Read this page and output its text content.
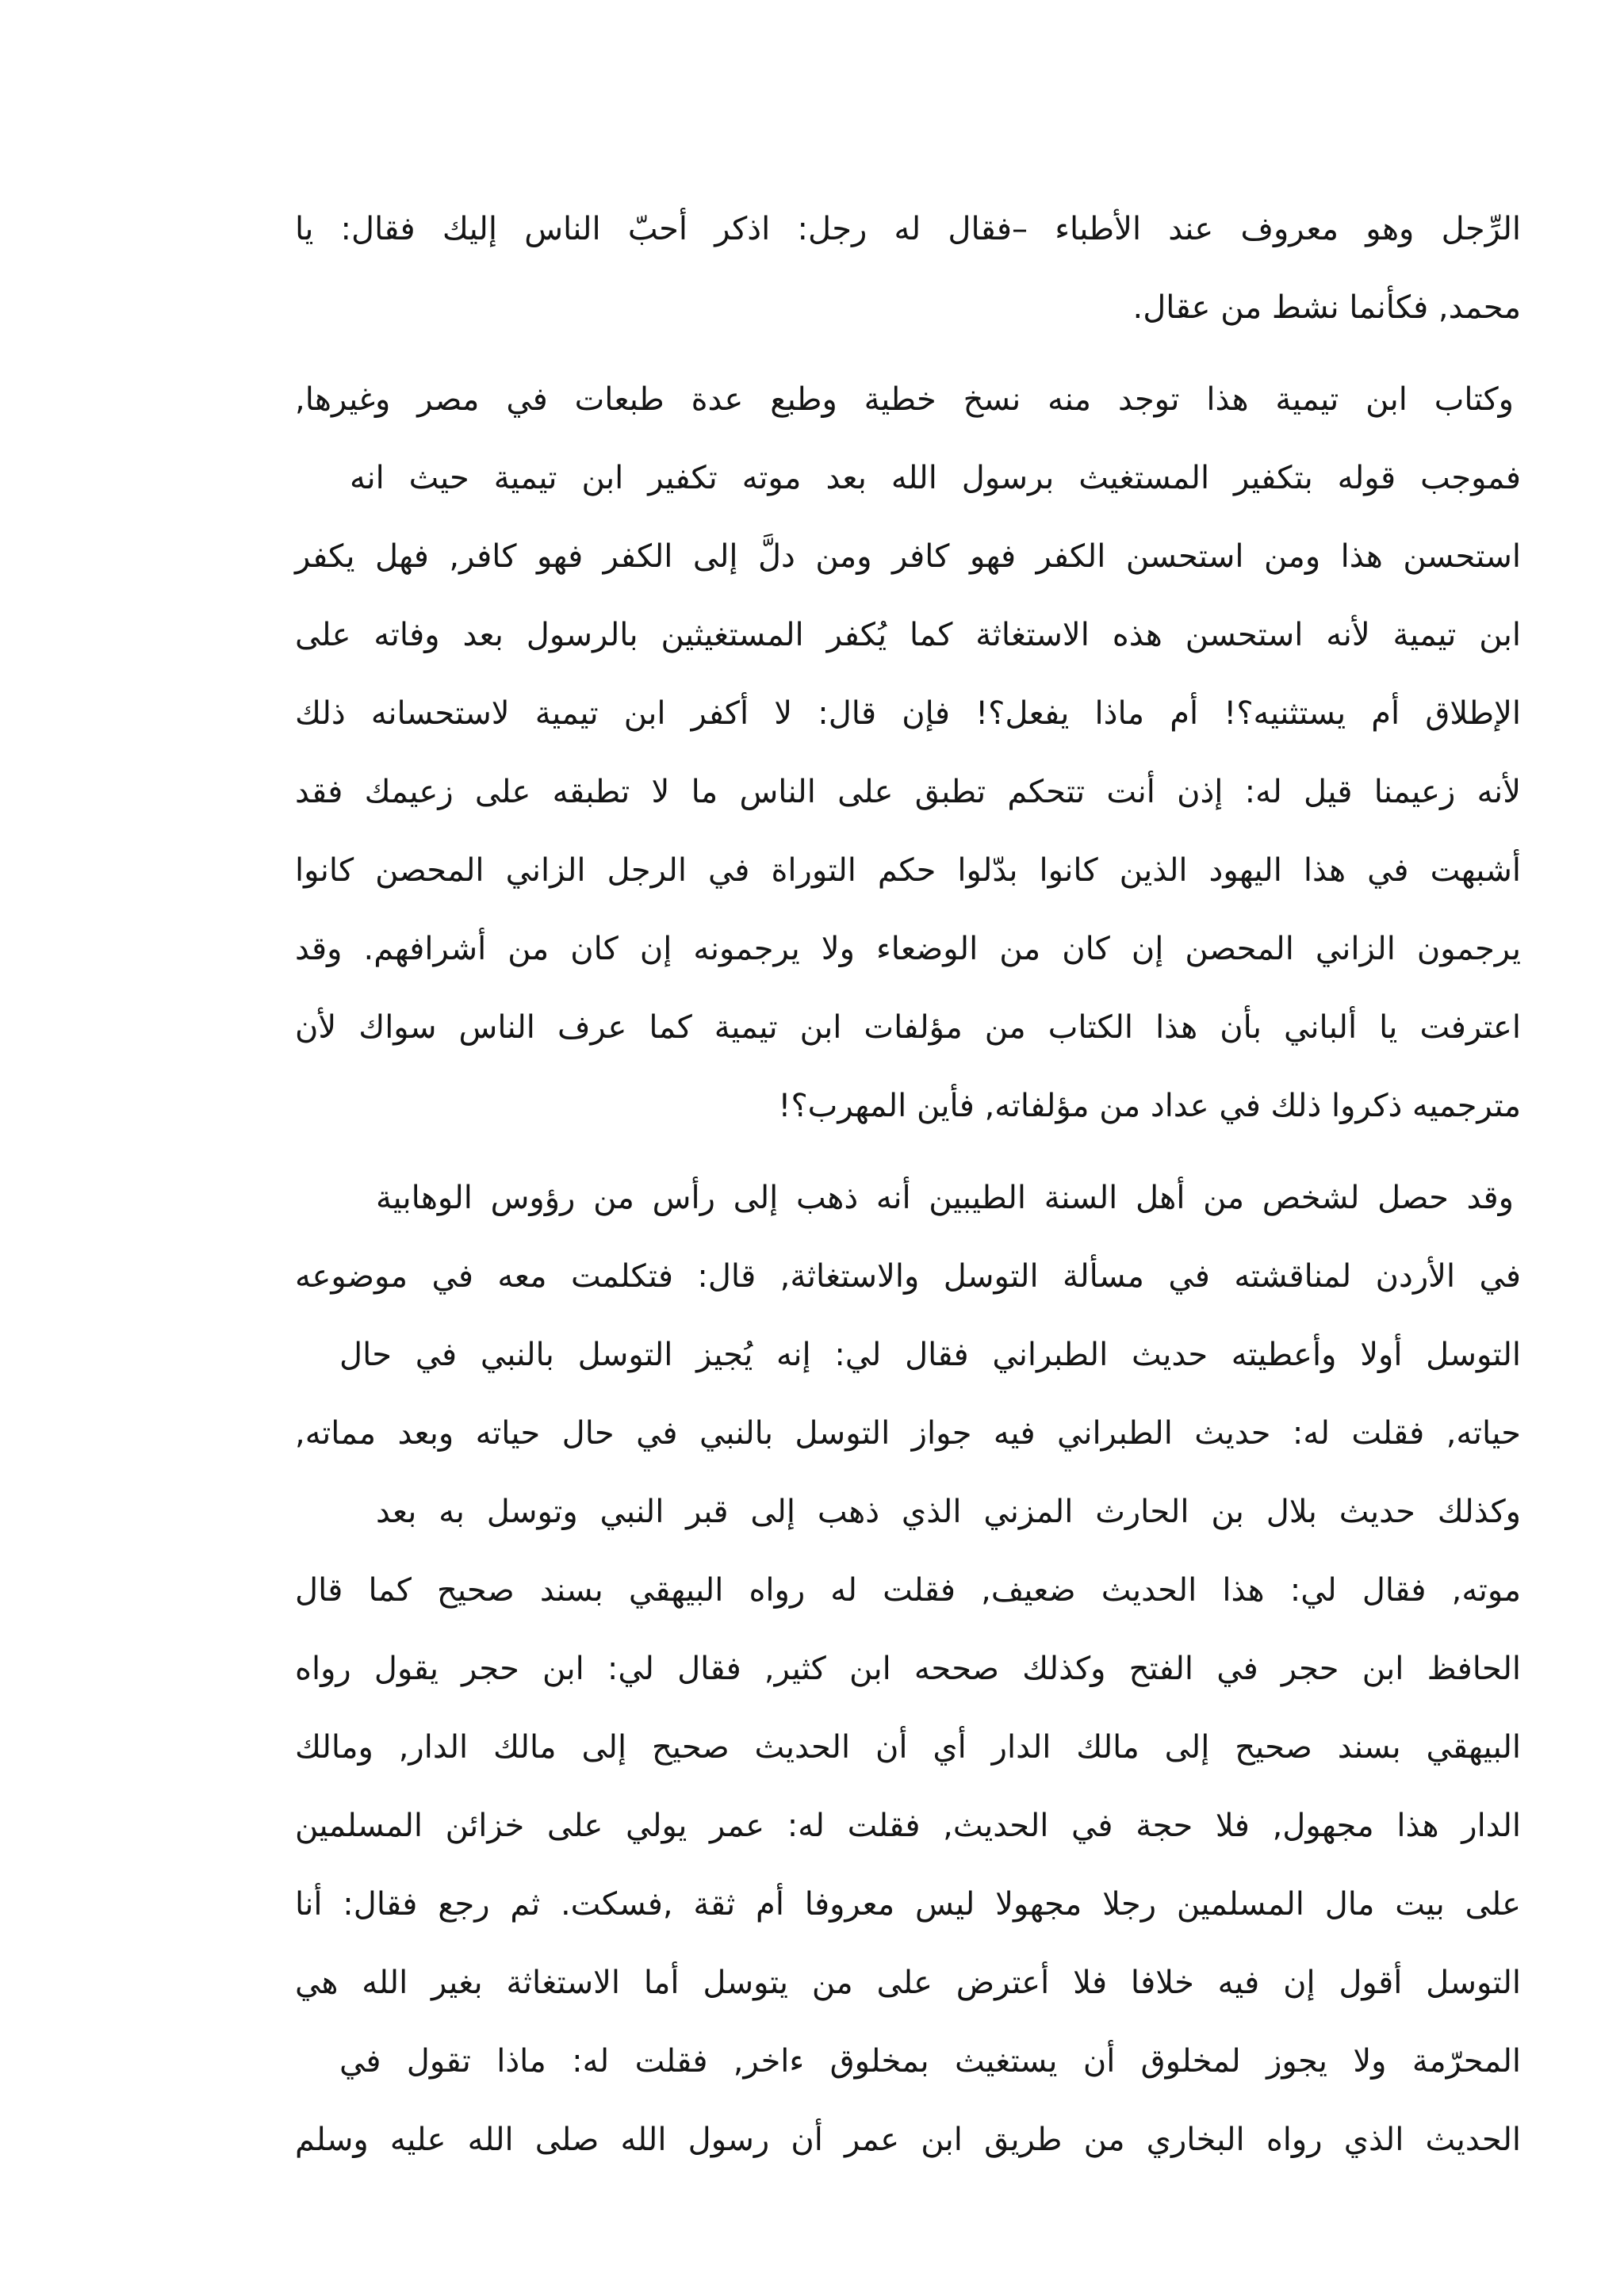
الرِّجل وهو معروف عند الأطباء –فقال له رجل: اذكر أحبّ الناس إليك فقال: يا
محمد, فكأنما نشط من عقال.
وكتاب ابن تيمية هذا توجد منه نسخ خطية وطبع عدة طبعات في مصر وغيرها,
فموجب قوله بتكفير المستغيث برسول الله بعد موته تكفير ابن تيمية حيث انه
استحسن هذا ومن استحسن الكفر فهو كافر ومن دلَّ إلى الكفر فهو كافر, فهل يكفر
ابن تيمية لأنه استحسن هذه الاستغاثة كما يُكفر المستغيثين بالرسول بعد وفاته على
الإطلاق أم يستثنيه؟! أم ماذا يفعل؟! فإن قال: لا أكفر ابن تيمية لاستحسانه ذلك
لأنه زعيمنا قيل له: إذن أنت تتحكم تطبق على الناس ما لا تطبقه على زعيمك فقد
أشبهت في هذا اليهود الذين كانوا بدّلوا حكم التوراة في الرجل الزاني المحصن كانوا
يرجمون الزاني المحصن إن كان من الوضعاء ولا يرجمونه إن كان من أشرافهم. وقد
اعترفت يا ألباني بأن هذا الكتاب من مؤلفات ابن تيمية كما عرف الناس سواك لأن
مترجميه ذكروا ذلك في عداد من مؤلفاته, فأين المهرب؟!
وقد حصل لشخص من أهل السنة الطيبين أنه ذهب إلى رأس من رؤوس الوهابية
في الأردن لمناقشته في مسألة التوسل والاستغاثة, قال: فتكلمت معه في موضوعه
التوسل أولا وأعطيته حديث الطبراني فقال لي: إنه يُجيز التوسل بالنبي في حال
حياته, فقلت له: حديث الطبراني فيه جواز التوسل بالنبي في حال حياته وبعد مماته,
وكذلك حديث بلال بن الحارث المزني الذي ذهب إلى قبر النبي وتوسل به بعد
موته, فقال لي: هذا الحديث ضعيف, فقلت له رواه البيهقي بسند صحيح كما قال
الحافظ ابن حجر في الفتح وكذلك صححه ابن كثير, فقال لي: ابن حجر يقول رواه
البيهقي بسند صحيح إلى مالك الدار أي أن الحديث صحيح إلى مالك الدار, ومالك
الدار هذا مجهول, فلا حجة في الحديث, فقلت له: عمر يولي على خزائن المسلمين
على بيت مال المسلمين رجلا مجهولا ليس معروفا أم ثقة ,فسكت. ثم رجع فقال: أنا
التوسل أقول إن فيه خلافا فلا أعترض على من يتوسل أما الاستغاثة بغير الله هي
المحرّمة ولا يجوز لمخلوق أن يستغيث بمخلوق ءاخر, فقلت له: ماذا تقول في
الحديث الذي رواه البخاري من طريق ابن عمر أن رسول الله صلى الله عليه وسلم
